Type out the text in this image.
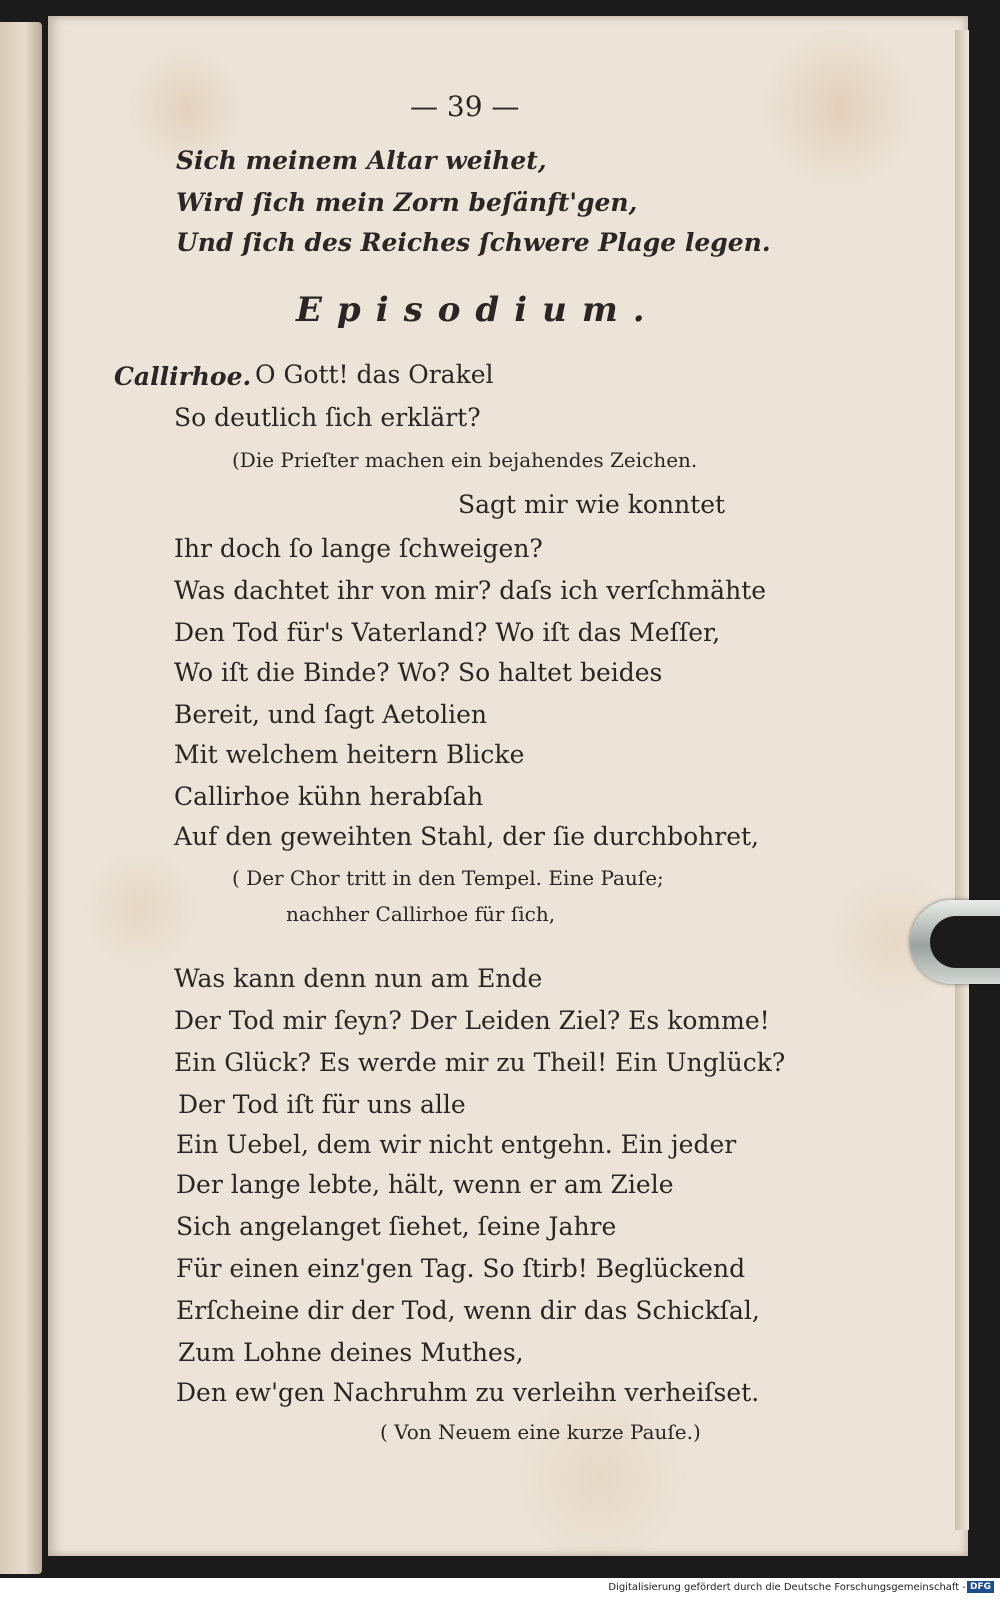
— 39 —
Sich meinem Altar weihet,
Wird ſich mein Zorn beſänft'gen,
Und ſich des Reiches ſchwere Plage legen.
Episodium.
Callirhoe. O Gott! das Orakel
So deutlich ſich erklärt?
(Die Prieſter machen ein bejahendes Zeichen.
Sagt mir wie konntet
Ihr doch ſo lange ſchweigen?
Was dachtet ihr von mir? daſs ich verſchmähte
Den Tod für's Vaterland? Wo iſt das Meſſer,
Wo iſt die Binde? Wo? So haltet beides
Bereit, und ſagt Aetolien
Mit welchem heitern Blicke
Callirhoe kühn herabſah
Auf den geweihten Stahl, der ſie durchbohret,
( Der Chor tritt in den Tempel. Eine Pauſe;
nachher Callirhoe für ſich,
Was kann denn nun am Ende
Der Tod mir ſeyn? Der Leiden Ziel? Es komme!
Ein Glück? Es werde mir zu Theil! Ein Unglück?
Der Tod iſt für uns alle
Ein Uebel, dem wir nicht entgehn. Ein jeder
Der lange lebte, hält, wenn er am Ziele
Sich angelanget ſiehet, ſeine Jahre
Für einen einz'gen Tag. So ſtirb! Beglückend
Erſcheine dir der Tod, wenn dir das Schickſal,
Zum Lohne deines Muthes,
Den ew'gen Nachruhm zu verleihn verheiſset.
( Von Neuem eine kurze Pauſe.)
Digitalisierung gefördert durch die Deutsche Forschungsgemeinschaft - DFG
